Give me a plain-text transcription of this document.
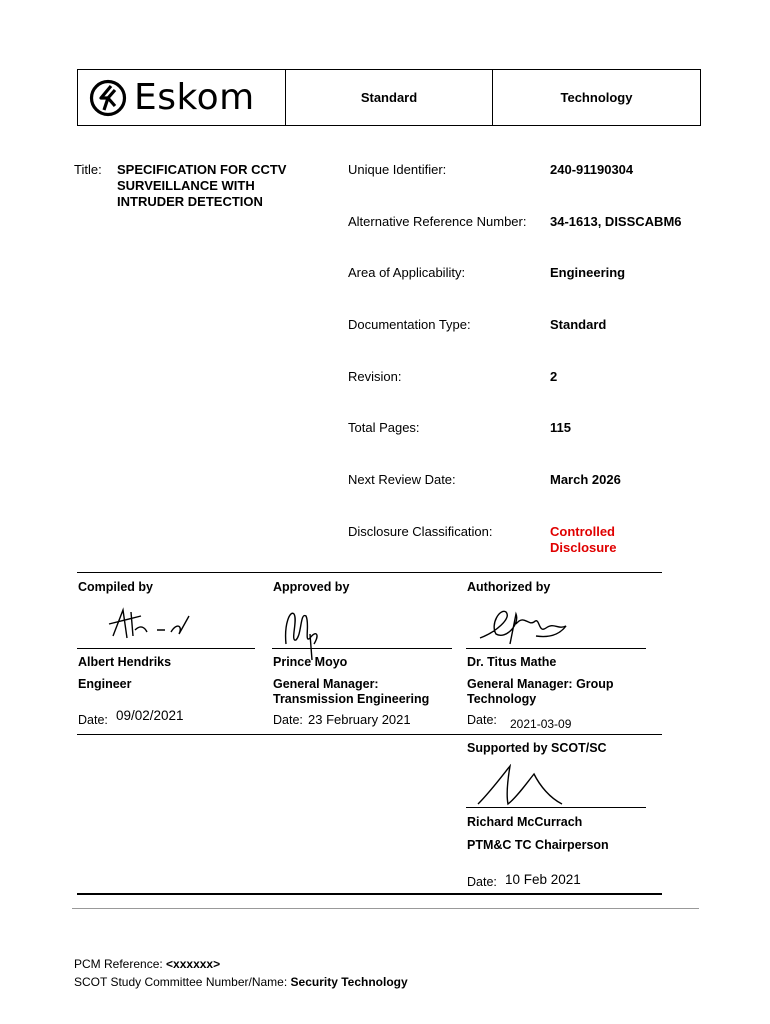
Eskom	Standard	Technology
Title: SPECIFICATION FOR CCTV SURVEILLANCE WITH INTRUDER DETECTION
Unique Identifier:	240-91190304
Alternative Reference Number: 34-1613, DISSCABM6
Area of Applicability:	Engineering
Documentation Type:	Standard
Revision:	2
Total Pages:	115
Next Review Date:	March 2026
Disclosure Classification:	Controlled Disclosure
Compiled by
Albert Hendriks
Engineer
Date: 09/02/2021
Approved by
Prince Moyo
General Manager: Transmission Engineering
Date: 23 February 2021
Authorized by
Dr. Titus Mathe
General Manager: Group Technology
Date: 2021-03-09
Supported by SCOT/SC
Richard McCurrach
PTM&C TC Chairperson
Date: 10 Feb 2021
PCM Reference: <xxxxxx>
SCOT Study Committee Number/Name: Security Technology
